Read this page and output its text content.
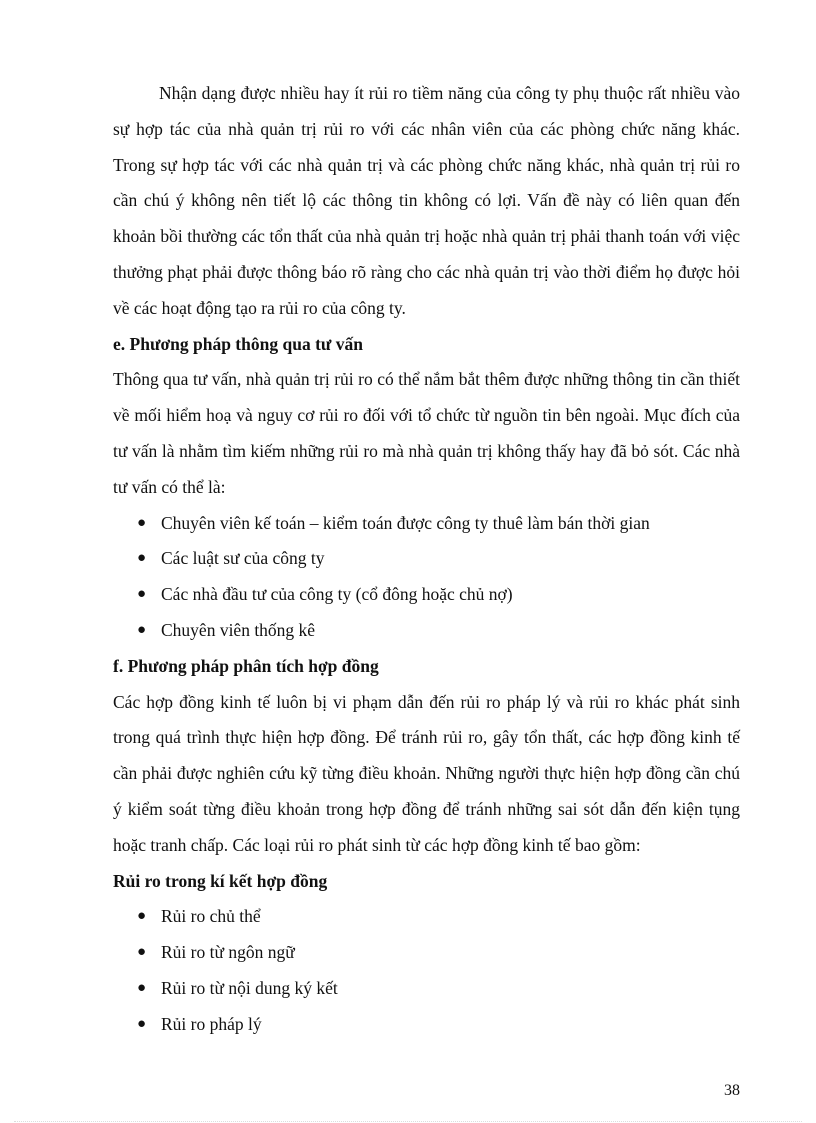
Nhận dạng được nhiều hay ít rủi ro tiềm năng của công ty phụ thuộc rất nhiều vào sự hợp tác của nhà quản trị rủi ro với các nhân viên của các phòng chức năng khác. Trong sự hợp tác với các nhà quản trị và các phòng chức năng khác, nhà quản trị rủi ro cần chú ý không nên tiết lộ các thông tin không có lợi. Vấn đề này có liên quan đến khoản bồi thường các tổn thất của nhà quản trị hoặc nhà quản trị phải thanh toán với việc thưởng phạt phải được thông báo rõ ràng cho các nhà quản trị vào thời điểm họ được hỏi về các hoạt động tạo ra rủi ro của công ty.

e. Phương pháp thông qua tư vấn

Thông qua tư vấn, nhà quản trị rủi ro có thể nắm bắt thêm được những thông tin cần thiết về mối hiểm hoạ và nguy cơ rủi ro đối với tổ chức từ nguồn tin bên ngoài. Mục đích của tư vấn là nhằm tìm kiếm những rủi ro mà nhà quản trị không thấy hay đã bỏ sót. Các nhà tư vấn có thể là:

● Chuyên viên kế toán – kiểm toán được công ty thuê làm bán thời gian
● Các luật sư của công ty
● Các nhà đầu tư của công ty (cổ đông hoặc chủ nợ)
● Chuyên viên thống kê
f. Phương pháp phân tích hợp đồng

Các hợp đồng kinh tế luôn bị vi phạm dẫn đến rủi ro pháp lý và rủi ro khác phát sinh trong quá trình thực hiện hợp đồng. Để tránh rủi ro, gây tổn thất, các hợp đồng kinh tế cần phải được nghiên cứu kỹ từng điều khoản. Những người thực hiện hợp đồng cần chú ý kiểm soát từng điều khoản trong hợp đồng để tránh những sai sót dẫn đến kiện tụng hoặc tranh chấp. Các loại rủi ro phát sinh từ các hợp đồng kinh tế bao gồm:

Rủi ro trong kí kết hợp đồng
● Rủi ro chủ thể
● Rủi ro từ ngôn ngữ
● Rủi ro từ nội dung ký kết
● Rủi ro pháp lý
38
